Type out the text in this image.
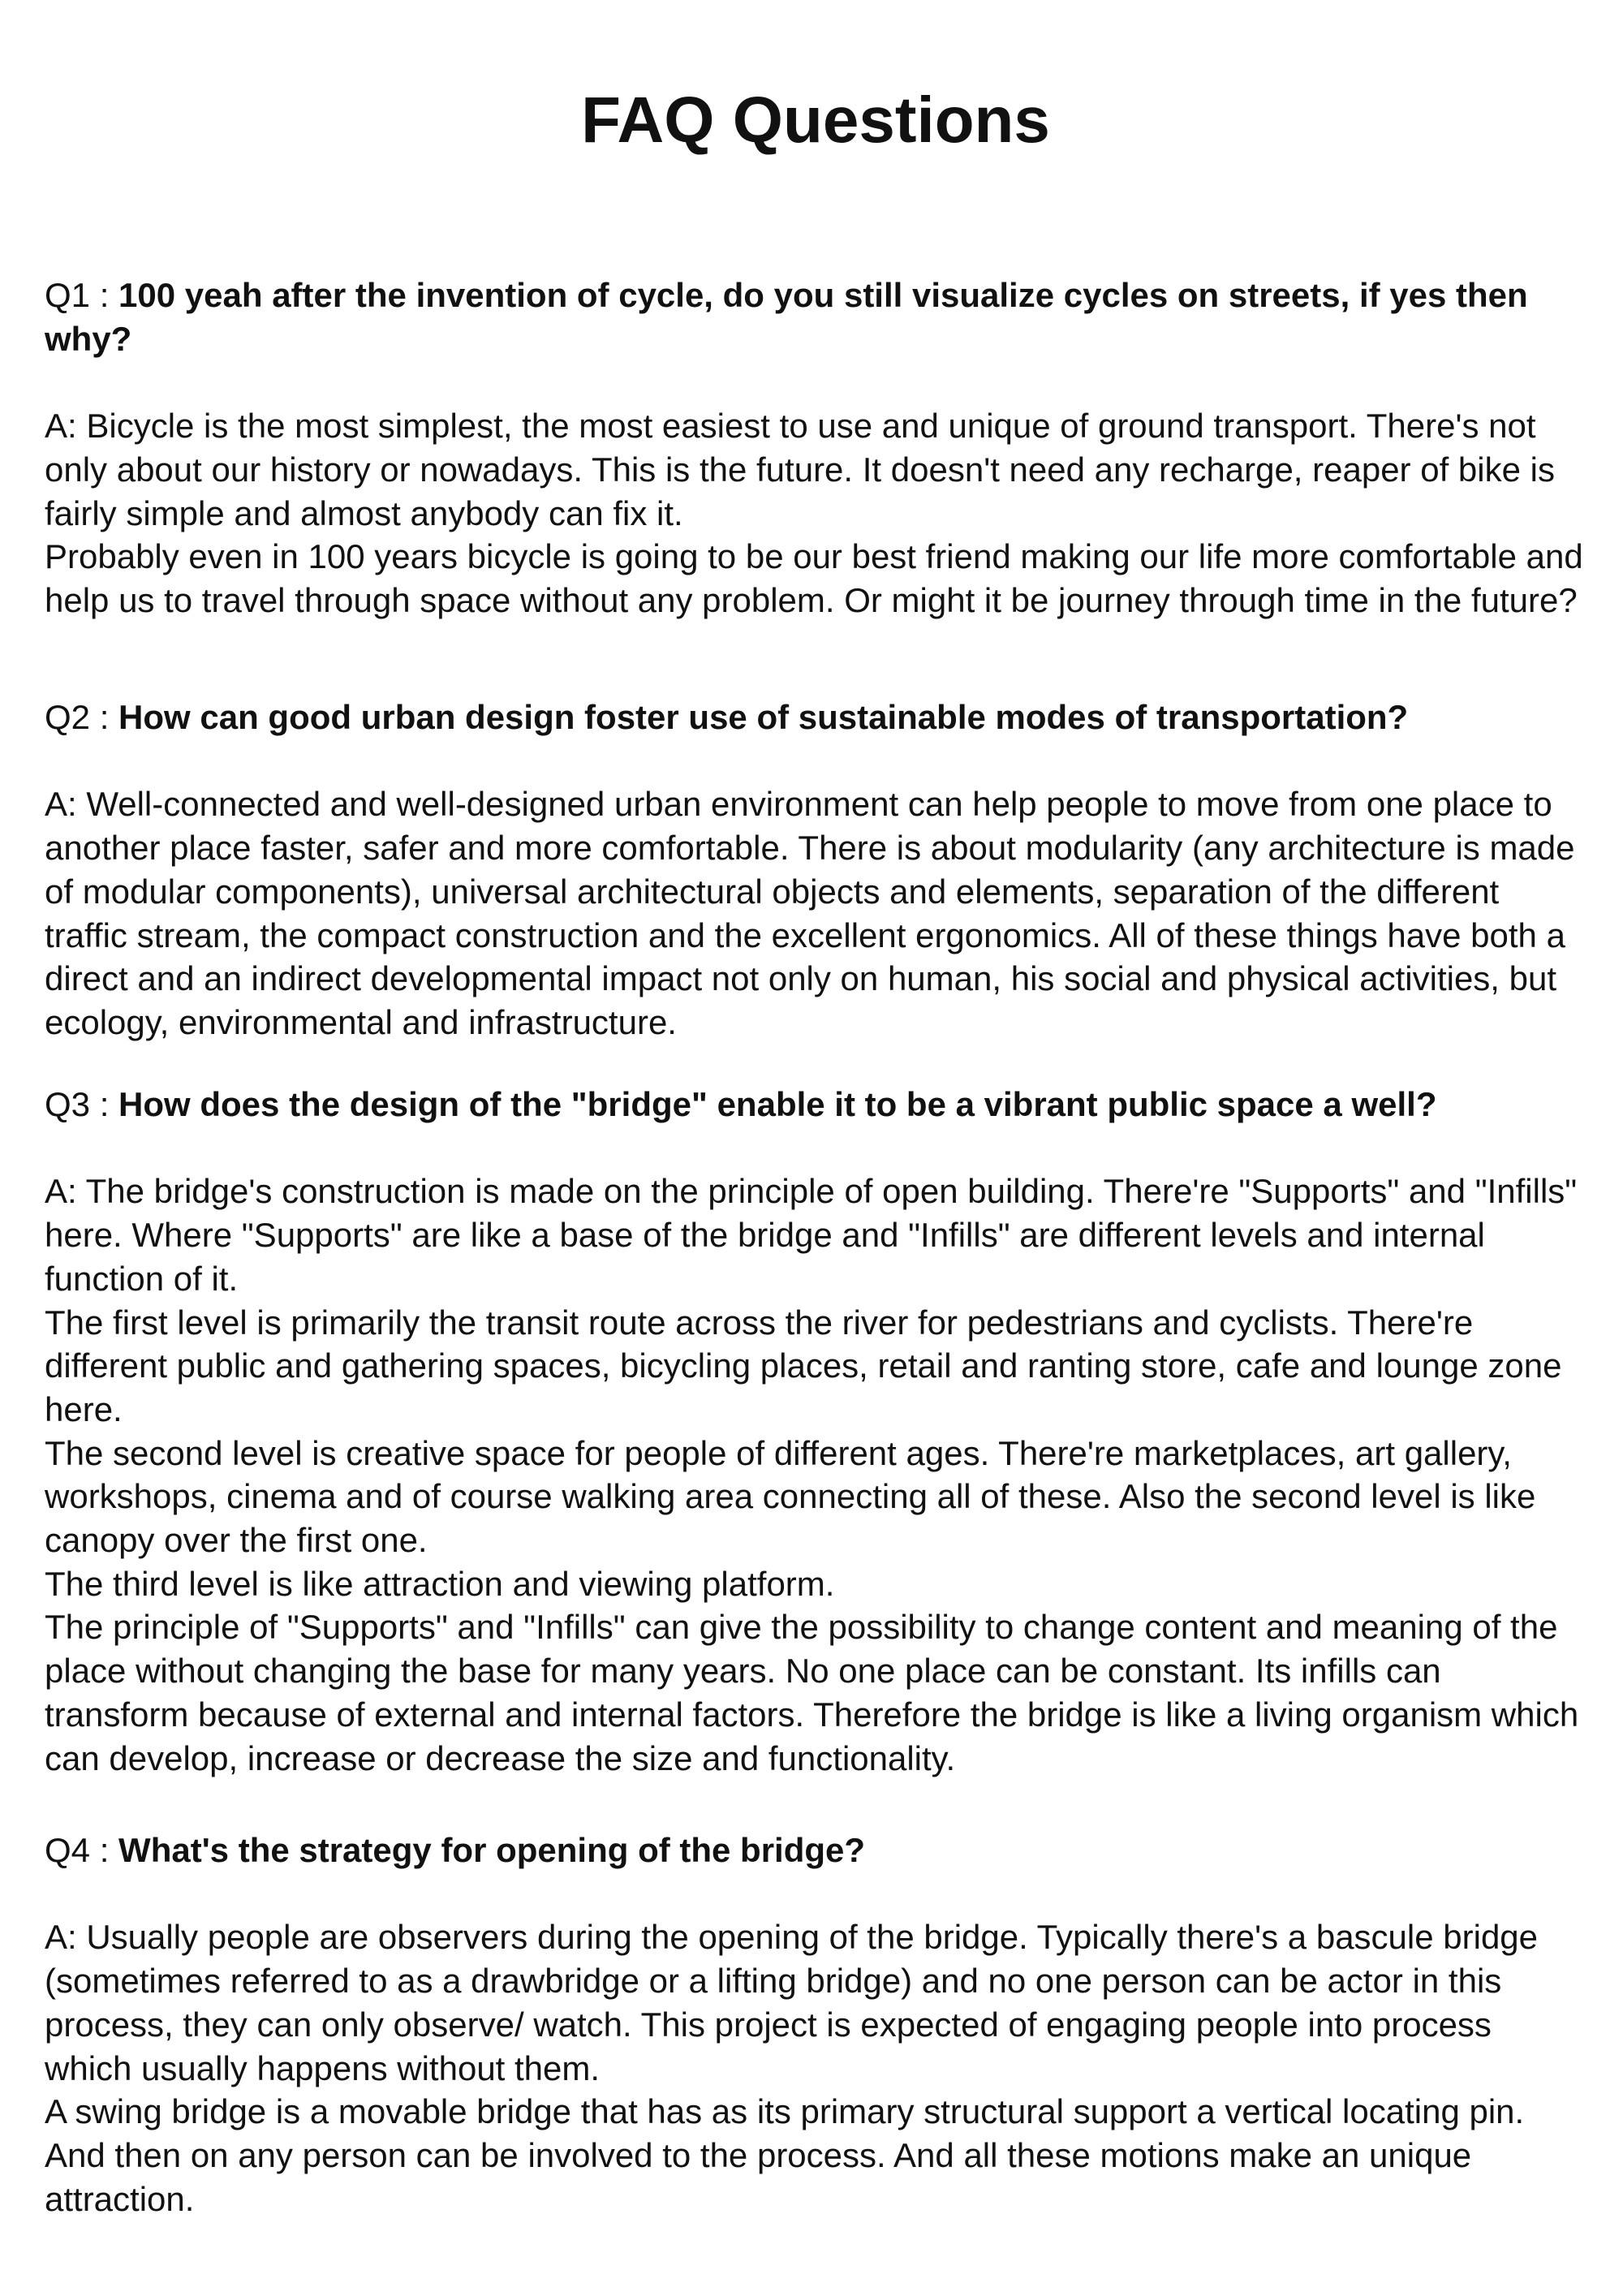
FAQ Questions

Q1 : 100 yeah after the invention of cycle, do you still visualize cycles on streets, if yes then why?

A: Bicycle is the most simplest, the most easiest to use and unique of ground transport. There's not only about our history or nowadays. This is the future. It doesn't need any recharge, reaper of bike is fairly simple and almost anybody can fix it.

Probably even in 100 years bicycle is going to be our best friend making our life more comfortable and help us to travel through space without any problem. Or might it be journey through time in the future?

Q2 : How can good urban design foster use of sustainable modes of transportation?

A: Well-connected and well-designed urban environment can help people to move from one place to another place faster, safer and more comfortable. There is about modularity (any architecture is made of modular components), universal architectural objects and elements, separation of the different traffic stream, the compact construction and the excellent ergonomics. All of these things have both a direct and an indirect developmental impact not only on human, his social and physical activities, but ecology, environmental and infrastructure.

Q3 : How does the design of the "bridge" enable it to be a vibrant public space a well?

A: The bridge's construction is made on the principle of open building. There're "Supports" and "Infills" here. Where "Supports" are like a base of the bridge and "Infills" are different levels and internal function of it.

The first level is primarily the transit route across the river for pedestrians and cyclists. There're different public and gathering spaces, bicycling places, retail and ranting store, cafe and lounge zone here.

The second level is creative space for people of different ages. There're marketplaces, art gallery, workshops, cinema and of course walking area connecting all of these. Also the second level is like canopy over the first one.

The third level is like attraction and viewing platform.

The principle of "Supports" and "Infills" can give the possibility to change content and meaning of the place without changing the base for many years. No one place can be constant. Its infills can transform because of external and internal factors. Therefore the bridge is like a living organism which can develop, increase or decrease the size and functionality.

Q4 : What's the strategy for opening of the bridge?

A: Usually people are observers during the opening of the bridge. Typically there's a bascule bridge (sometimes referred to as a drawbridge or a lifting bridge) and no one person can be actor in this process, they can only observe/ watch. This project is expected of engaging people into process which usually happens without them.

A swing bridge is a movable bridge that has as its primary structural support a vertical locating pin. And then on any person can be involved to the process. And all these motions make an unique attraction.
